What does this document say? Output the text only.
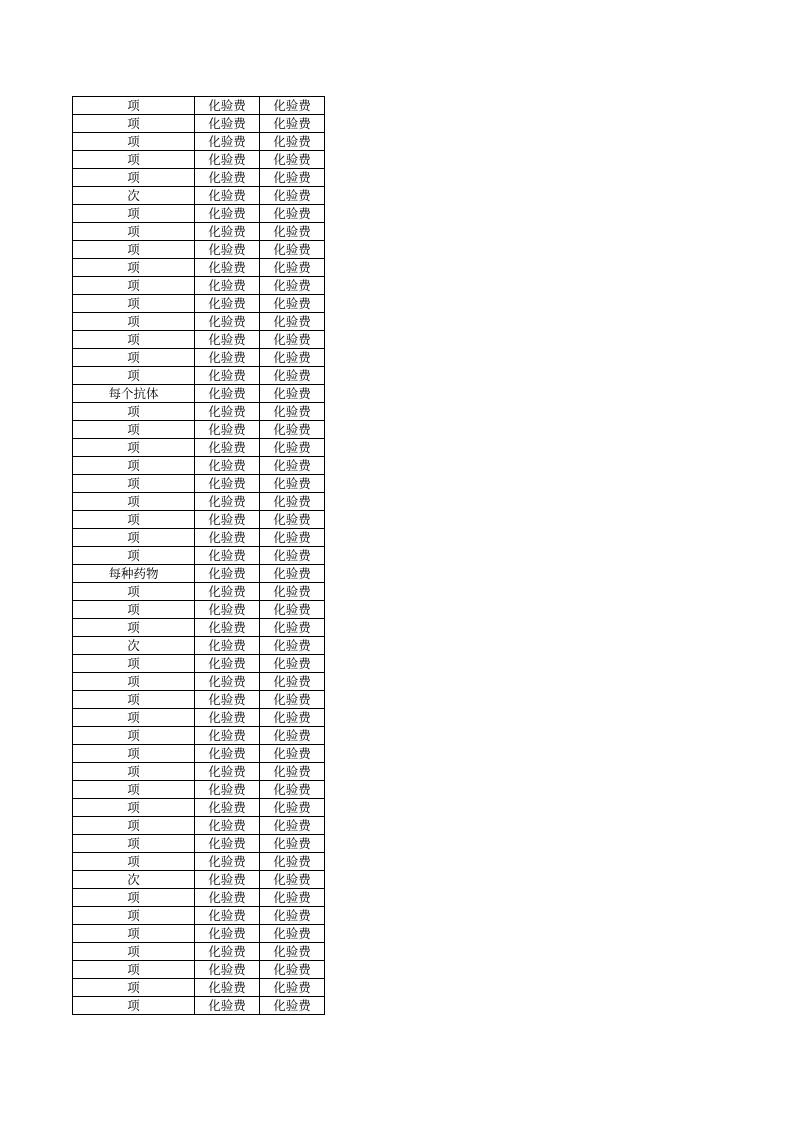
项	化验费	化验费
项	化验费	化验费
项	化验费	化验费
项	化验费	化验费
项	化验费	化验费
次	化验费	化验费
项	化验费	化验费
项	化验费	化验费
项	化验费	化验费
项	化验费	化验费
项	化验费	化验费
项	化验费	化验费
项	化验费	化验费
项	化验费	化验费
项	化验费	化验费
项	化验费	化验费
每个抗体	化验费	化验费
项	化验费	化验费
项	化验费	化验费
项	化验费	化验费
项	化验费	化验费
项	化验费	化验费
项	化验费	化验费
项	化验费	化验费
项	化验费	化验费
项	化验费	化验费
每种药物	化验费	化验费
项	化验费	化验费
项	化验费	化验费
项	化验费	化验费
次	化验费	化验费
项	化验费	化验费
项	化验费	化验费
项	化验费	化验费
项	化验费	化验费
项	化验费	化验费
项	化验费	化验费
项	化验费	化验费
项	化验费	化验费
项	化验费	化验费
项	化验费	化验费
项	化验费	化验费
项	化验费	化验费
次	化验费	化验费
项	化验费	化验费
项	化验费	化验费
项	化验费	化验费
项	化验费	化验费
项	化验费	化验费
项	化验费	化验费
项	化验费	化验费
